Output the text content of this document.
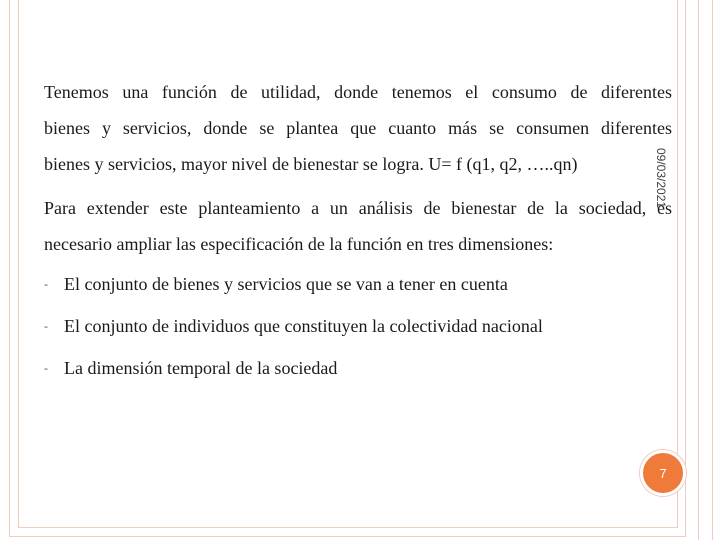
09/03/2021

Tenemos una función de utilidad, donde tenemos el consumo de diferentes
bienes y servicios, donde se plantea que cuanto más se consumen diferentes
bienes y servicios, mayor nivel de bienestar se logra. U= f (q1, q2, …..qn)

Para extender este planteamiento a un análisis de bienestar de la sociedad, es
necesario ampliar las especificación de la función en tres dimensiones:

- El conjunto de bienes y servicios que se van a tener en cuenta
- El conjunto de individuos que constituyen la colectividad nacional
- La dimensión temporal de la sociedad
7
